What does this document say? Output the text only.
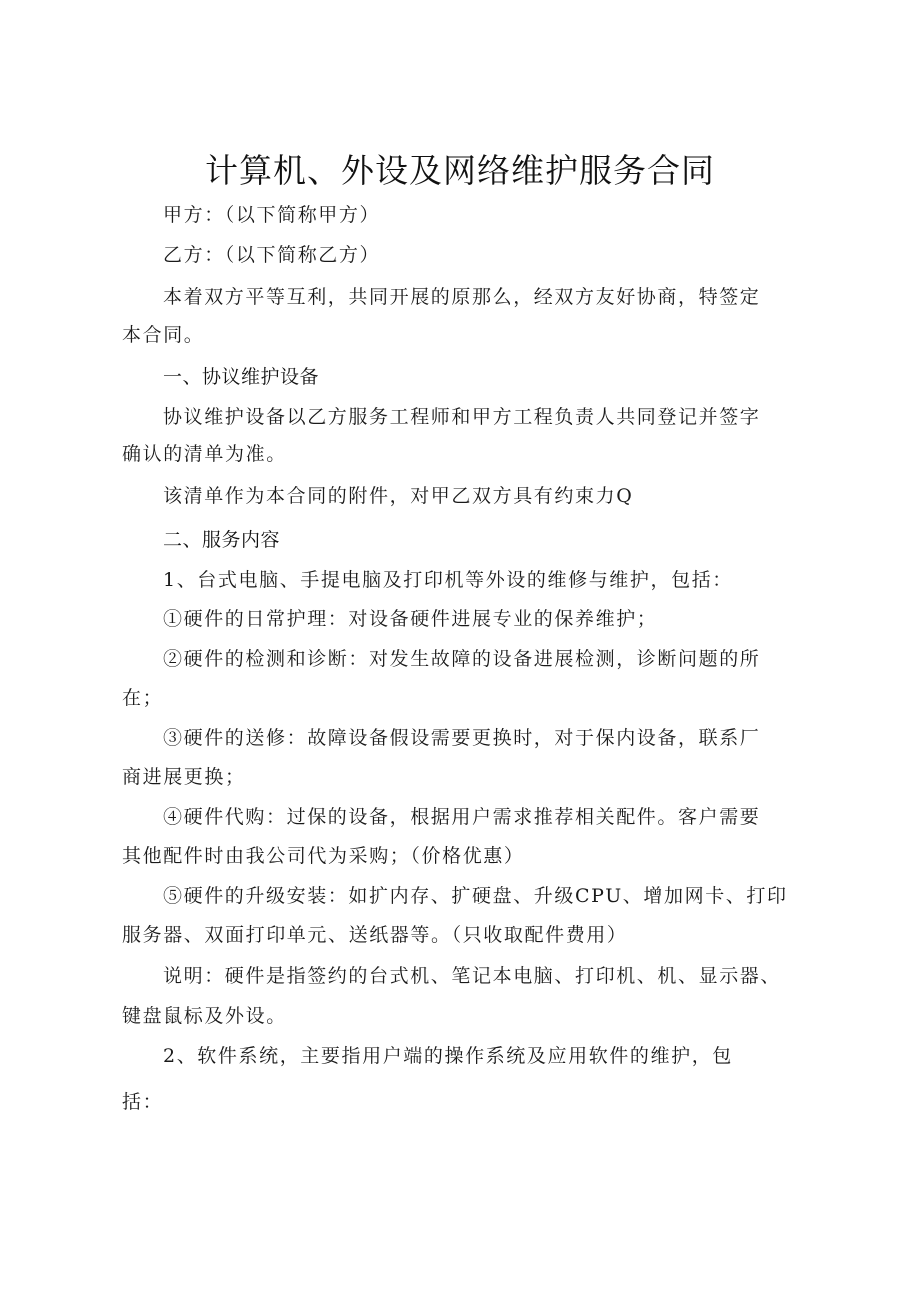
计算机、外设及网络维护服务合同
甲方：（以下简称甲方）
乙方：（以下简称乙方）
本着双方平等互利，共同开展的原那么，经双方友好协商，特签定
本合同。
一、协议维护设备
协议维护设备以乙方服务工程师和甲方工程负责人共同登记并签字
确认的清单为准。
该清单作为本合同的附件，对甲乙双方具有约束力Q
二、服务内容
1、台式电脑、手提电脑及打印机等外设的维修与维护，包括：
①硬件的日常护理：对设备硬件进展专业的保养维护；
②硬件的检测和诊断：对发生故障的设备进展检测，诊断问题的所
在；
③硬件的送修：故障设备假设需要更换时，对于保内设备，联系厂
商进展更换；
④硬件代购：过保的设备，根据用户需求推荐相关配件。客户需要
其他配件时由我公司代为采购；（价格优惠）
⑤硬件的升级安装：如扩内存、扩硬盘、升级CPU、增加网卡、打印
服务器、双面打印单元、送纸器等。（只收取配件费用）
说明：硬件是指签约的台式机、笔记本电脑、打印机、机、显示器、
键盘鼠标及外设。
2、软件系统，主要指用户端的操作系统及应用软件的维护，包
括：
